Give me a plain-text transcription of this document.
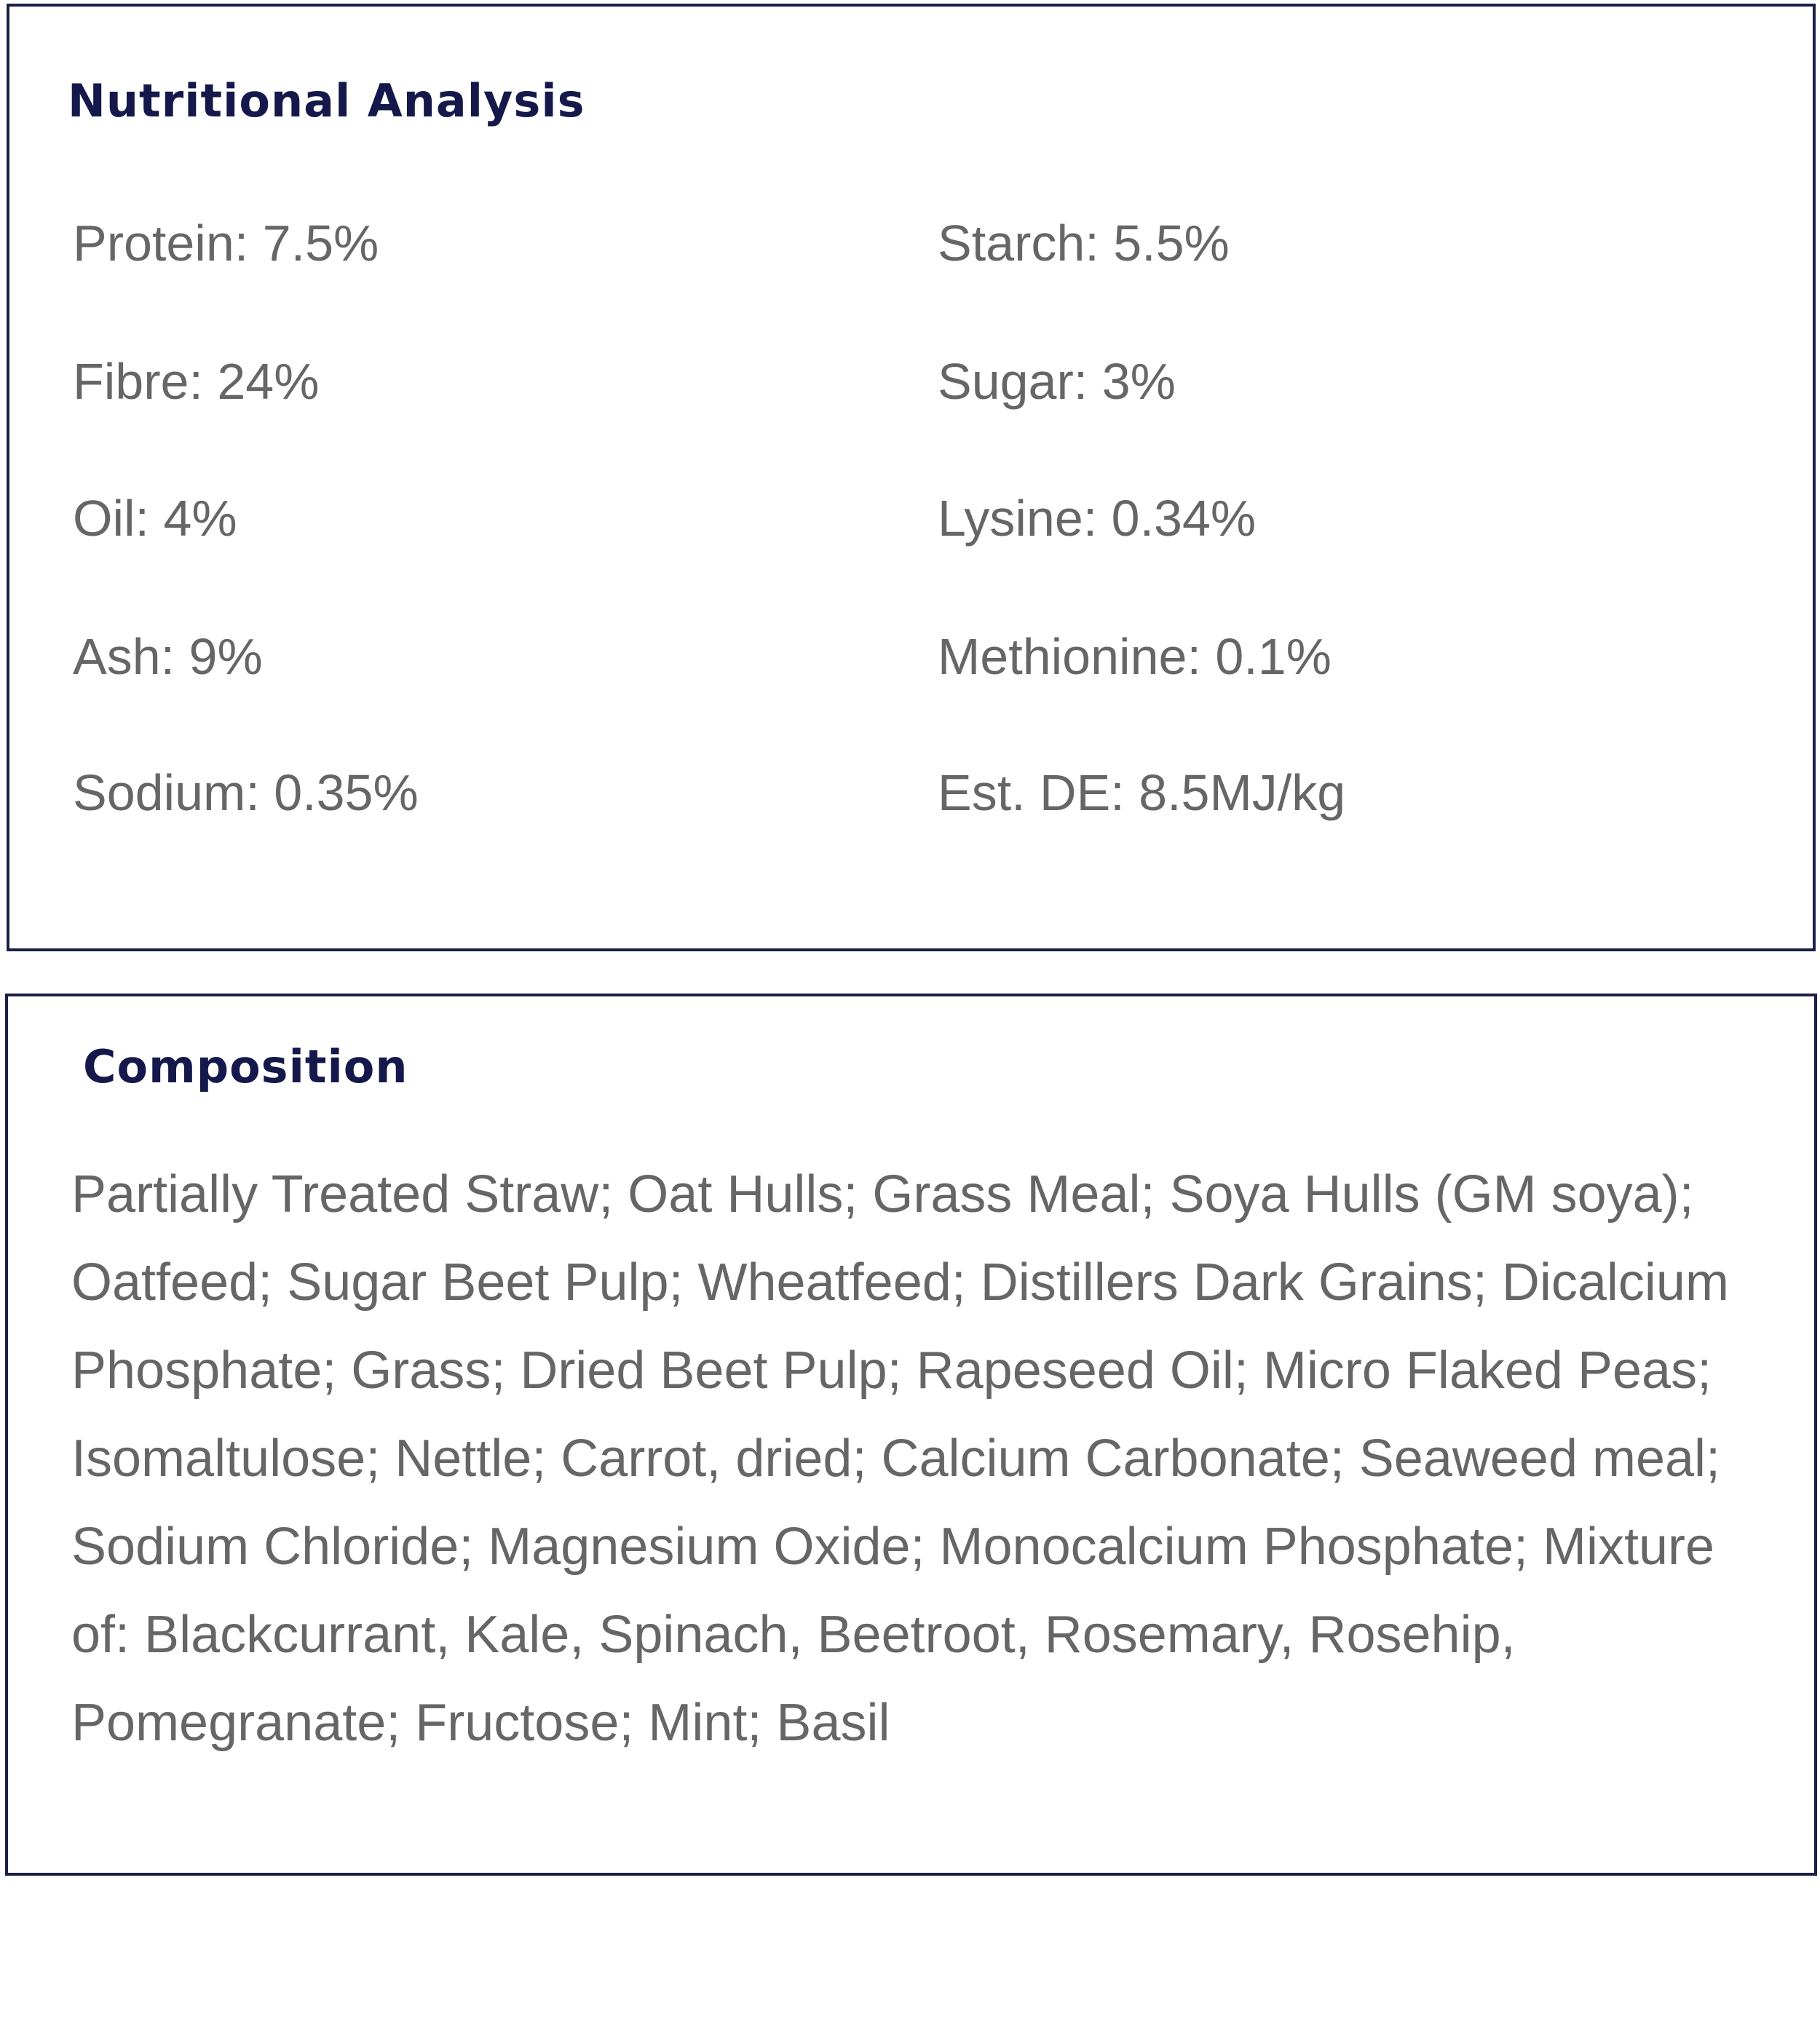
Nutritional Analysis
Protein: 7.5%
Fibre: 24%
Oil: 4%
Ash: 9%
Sodium: 0.35%
Starch: 5.5%
Sugar: 3%
Lysine: 0.34%
Methionine: 0.1%
Est. DE: 8.5MJ/kg
Composition

Partially Treated Straw; Oat Hulls; Grass Meal; Soya Hulls (GM soya); Oatfeed; Sugar Beet Pulp; Wheatfeed; Distillers Dark Grains; Dicalcium Phosphate; Grass; Dried Beet Pulp; Rapeseed Oil; Micro Flaked Peas; Isomaltulose; Nettle; Carrot, dried; Calcium Carbonate; Seaweed meal; Sodium Chloride; Magnesium Oxide; Monocalcium Phosphate; Mixture of: Blackcurrant, Kale, Spinach, Beetroot, Rosemary, Rosehip, Pomegranate; Fructose; Mint; Basil
